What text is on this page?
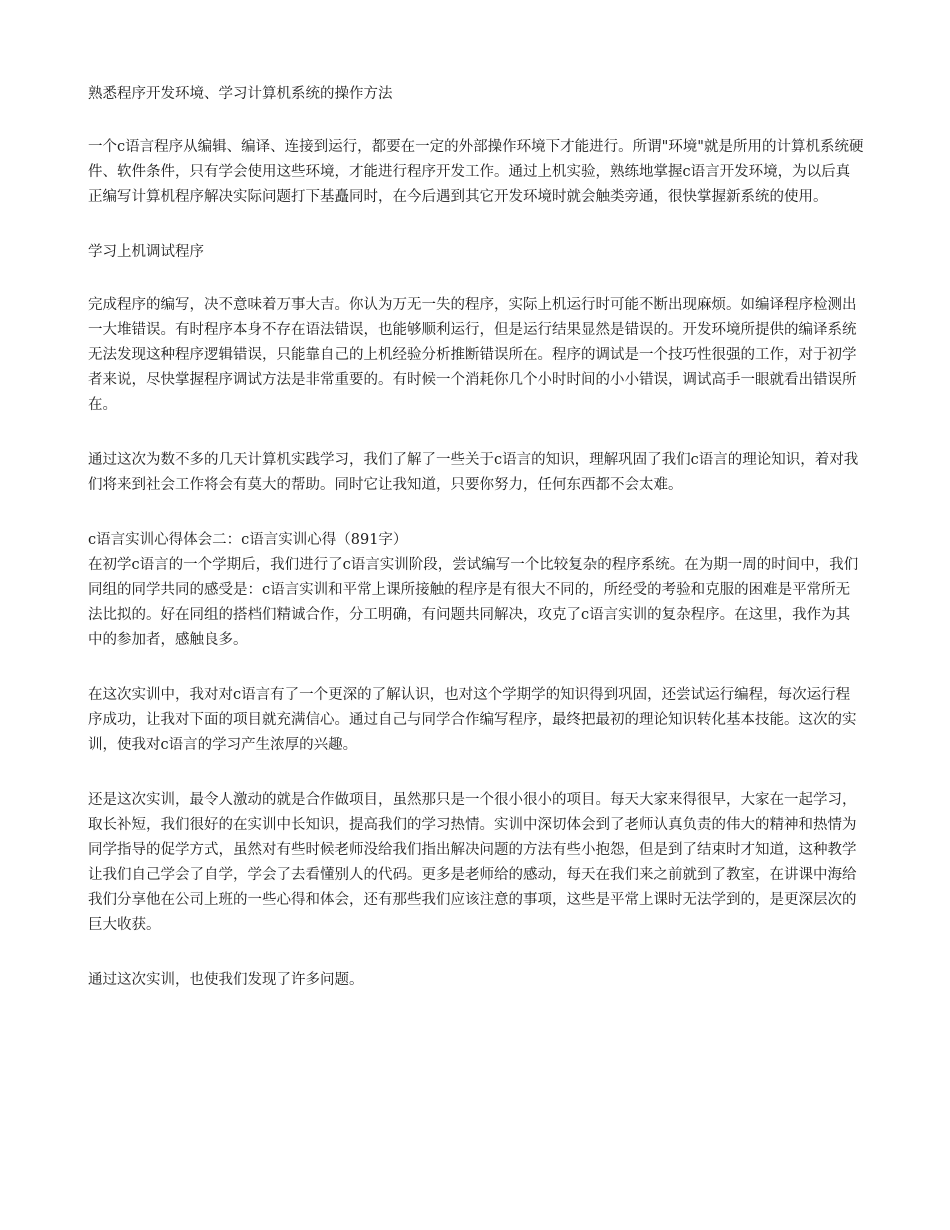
熟悉程序开发环境、学习计算机系统的操作方法

一个c语言程序从编辑、编译、连接到运行，都要在一定的外部操作环境下才能进行。所谓"环境"就是所用的计算机系统硬件、软件条件，只有学会使用这些环境，才能进行程序开发工作。通过上机实验，熟练地掌握c语言开发环境，为以后真正编写计算机程序解决实际问题打下基矗同时，在今后遇到其它开发环境时就会触类旁通，很快掌握新系统的使用。

学习上机调试程序

完成程序的编写，决不意味着万事大吉。你认为万无一失的程序，实际上机运行时可能不断出现麻烦。如编译程序检测出一大堆错误。有时程序本身不存在语法错误，也能够顺利运行，但是运行结果显然是错误的。开发环境所提供的编译系统无法发现这种程序逻辑错误，只能靠自己的上机经验分析推断错误所在。程序的调试是一个技巧性很强的工作，对于初学者来说，尽快掌握程序调试方法是非常重要的。有时候一个消耗你几个小时时间的小小错误，调试高手一眼就看出错误所在。

通过这次为数不多的几天计算机实践学习，我们了解了一些关于c语言的知识，理解巩固了我们c语言的理论知识，着对我们将来到社会工作将会有莫大的帮助。同时它让我知道，只要你努力，任何东西都不会太难。

c语言实训心得体会二：c语言实训心得（891字）

在初学c语言的一个学期后，我们进行了c语言实训阶段，尝试编写一个比较复杂的程序系统。在为期一周的时间中，我们同组的同学共同的感受是：c语言实训和平常上课所接触的程序是有很大不同的，所经受的考验和克服的困难是平常所无法比拟的。好在同组的搭档们精诚合作，分工明确，有问题共同解决，攻克了c语言实训的复杂程序。在这里，我作为其中的参加者，感触良多。

在这次实训中，我对对c语言有了一个更深的了解认识，也对这个学期学的知识得到巩固，还尝试运行编程，每次运行程序成功，让我对下面的项目就充满信心。通过自己与同学合作编写程序，最终把最初的理论知识转化基本技能。这次的实训，使我对c语言的学习产生浓厚的兴趣。

还是这次实训，最令人激动的就是合作做项目，虽然那只是一个很小很小的项目。每天大家来得很早，大家在一起学习，取长补短，我们很好的在实训中长知识，提高我们的学习热情。实训中深切体会到了老师认真负责的伟大的精神和热情为同学指导的促学方式，虽然对有些时候老师没给我们指出解决问题的方法有些小抱怨，但是到了结束时才知道，这种教学让我们自己学会了自学，学会了去看懂别人的代码。更多是老师给的感动，每天在我们来之前就到了教室，在讲课中海给我们分享他在公司上班的一些心得和体会，还有那些我们应该注意的事项，这些是平常上课时无法学到的，是更深层次的巨大收获。

通过这次实训，也使我们发现了许多问题。
